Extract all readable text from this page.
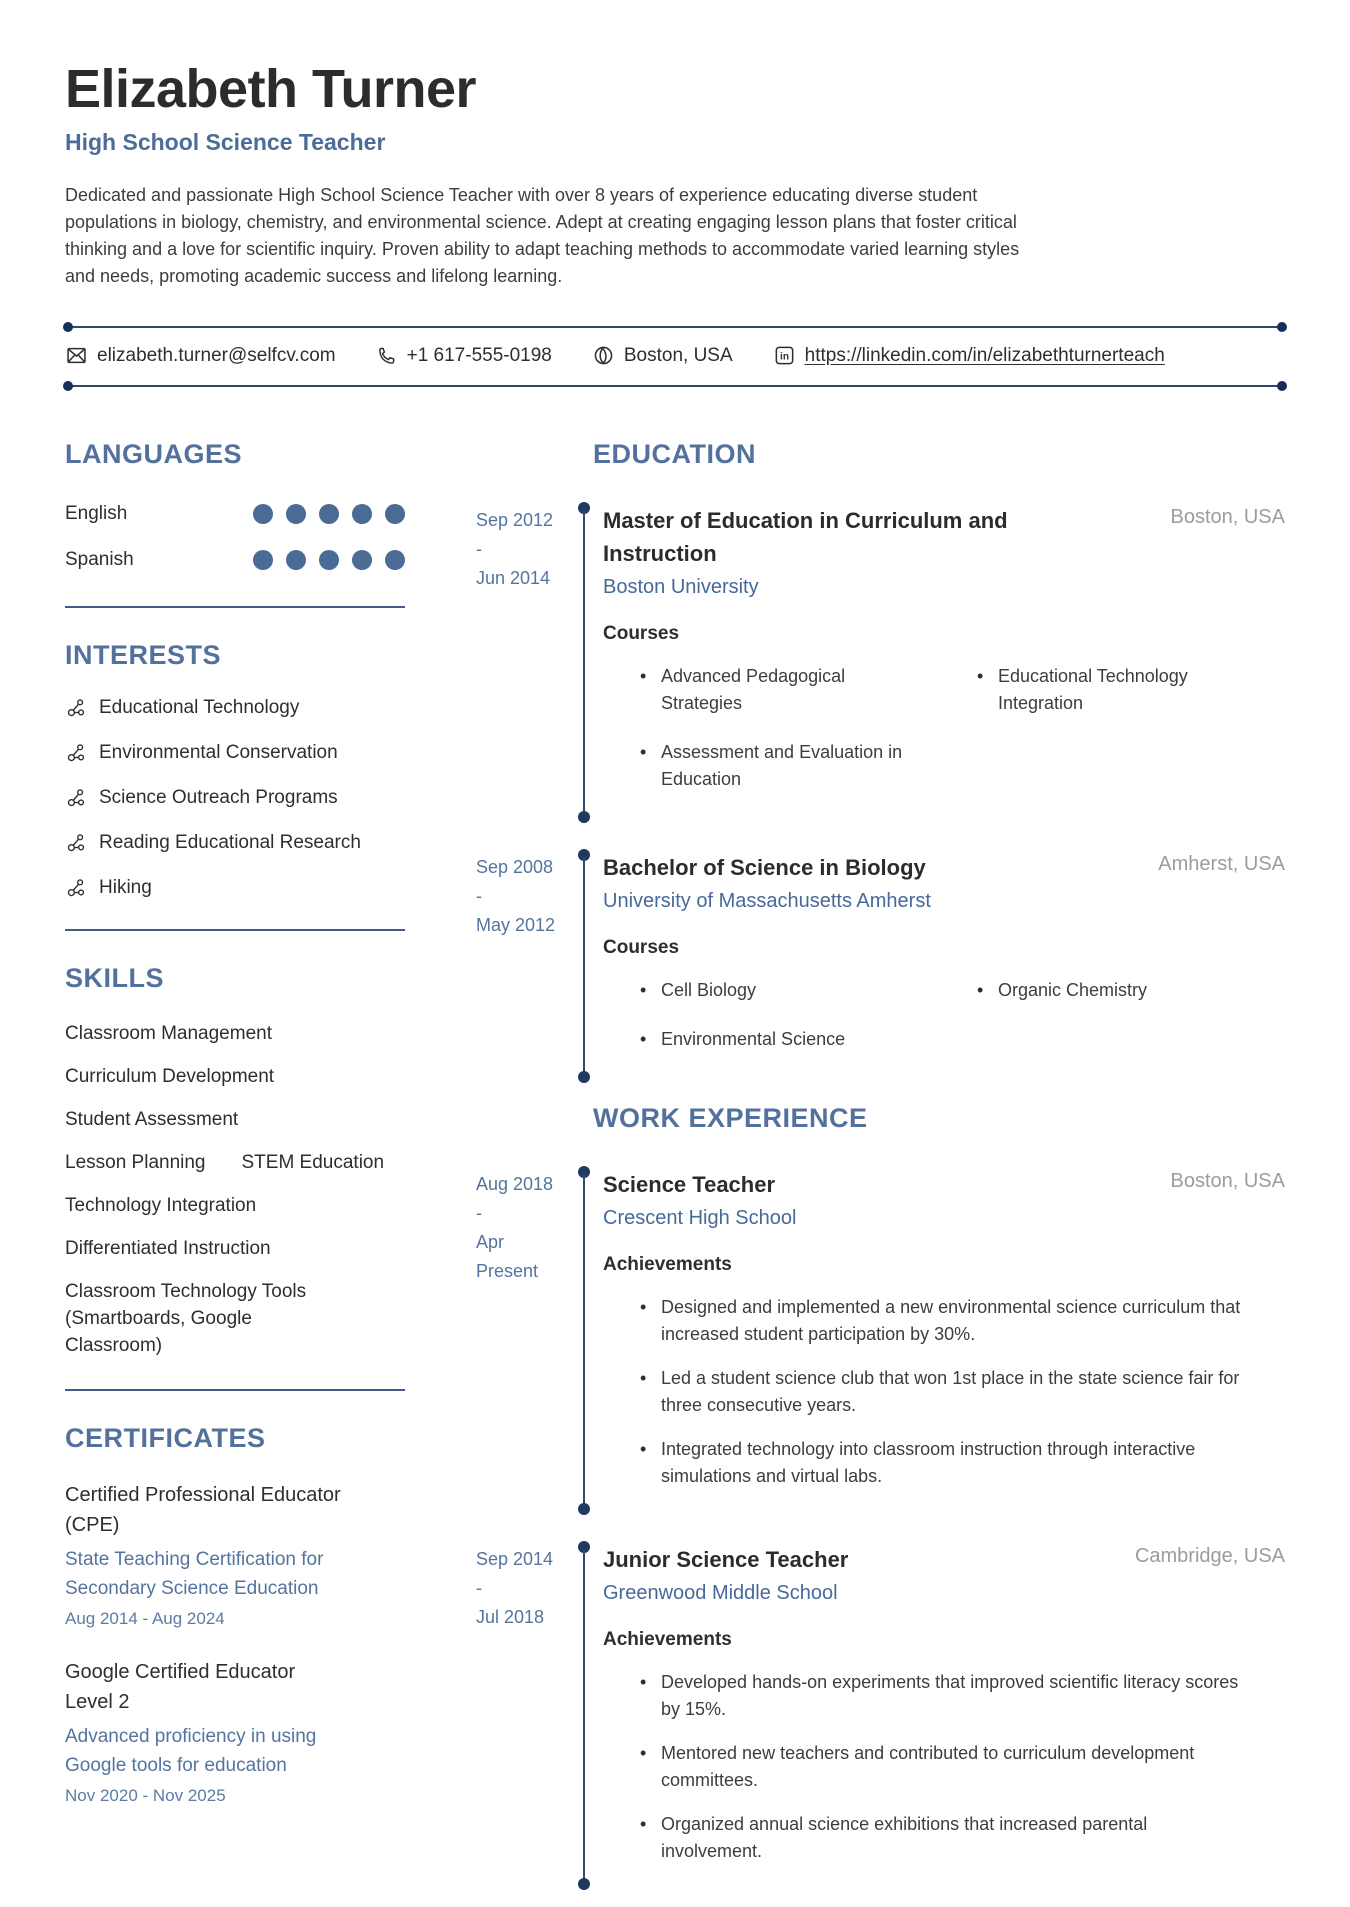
Elizabeth Turner
High School Science Teacher
Dedicated and passionate High School Science Teacher with over 8 years of experience educating diverse student populations in biology, chemistry, and environmental science. Adept at creating engaging lesson plans that foster critical thinking and a love for scientific inquiry. Proven ability to adapt teaching methods to accommodate varied learning styles and needs, promoting academic success and lifelong learning.
elizabeth.turner@selfcv.com	+1 617-555-0198	Boston, USA	in https://linkedin.com/in/elizabethturnerteach
LANGUAGES
English
Spanish
INTERESTS
Educational Technology
Environmental Conservation
Science Outreach Programs
Reading Educational Research
Hiking
SKILLS
Classroom Management
Curriculum Development
Student Assessment
Lesson Planning STEM Education
Technology Integration
Differentiated Instruction
Classroom Technology Tools (Smartboards, Google Classroom)
CERTIFICATES
Certified Professional Educator (CPE)
State Teaching Certification for Secondary Science Education
Aug 2014 - Aug 2024
Google Certified Educator Level 2
Advanced proficiency in using Google tools for education
Nov 2020 - Nov 2025
EDUCATION
Sep 2012
-
Jun 2014
Master of Education in Curriculum and Instruction
Boston, USA
Boston University
Courses
• Advanced Pedagogical Strategies
• Educational Technology Integration
• Assessment and Evaluation in Education
Sep 2008
-
May 2012
Bachelor of Science in Biology	Amherst, USA
University of Massachusetts Amherst
Courses
• Cell Biology	• Organic Chemistry
• Environmental Science
WORK EXPERIENCE
Aug 2018
-
Apr
Present
Science Teacher	Boston, USA
Crescent High School
Achievements
• Designed and implemented a new environmental science curriculum that increased student participation by 30%.
• Led a student science club that won 1st place in the state science fair for three consecutive years.
• Integrated technology into classroom instruction through interactive simulations and virtual labs.
Sep 2014
-
Jul 2018
Junior Science Teacher	Cambridge, USA
Greenwood Middle School
Achievements
• Developed hands-on experiments that improved scientific literacy scores by 15%.
• Mentored new teachers and contributed to curriculum development committees.
• Organized annual science exhibitions that increased parental involvement.
